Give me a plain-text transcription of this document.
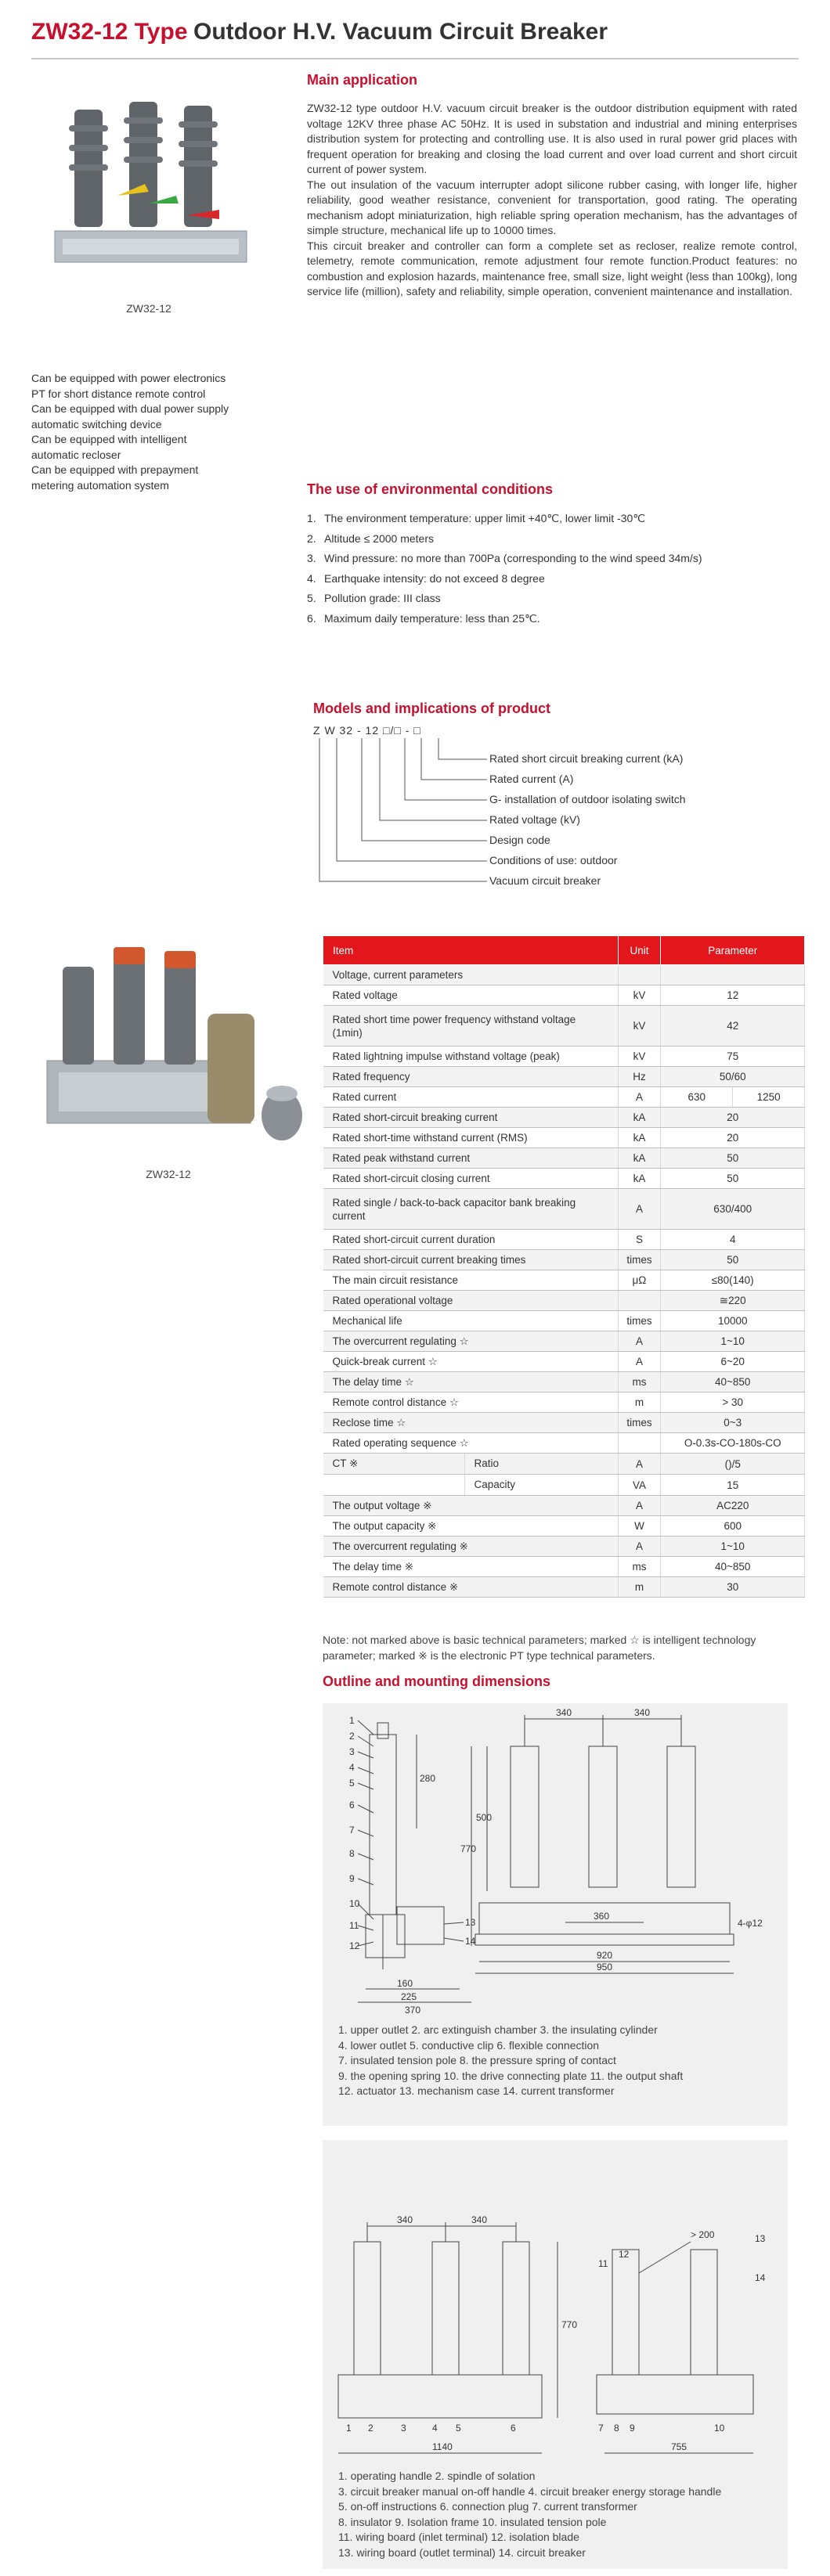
ZW32-12 Type Outdoor H.V. Vacuum Circuit Breaker
ZW32-12
Can be equipped with power electronics
PT for short distance remote control
Can be equipped with dual power supply
automatic switching device
Can be equipped with intelligent
automatic recloser
Can be equipped with prepayment
metering automation system
Main application

ZW32-12 type outdoor H.V. vacuum circuit breaker is the outdoor distribution equipment with rated voltage 12KV three phase AC 50Hz. It is used in substation and industrial and mining enterprises distribution system for protecting and controlling use. It is also used in rural power grid places with frequent operation for breaking and closing the load current and over load current and short circuit current of power system.

The out insulation of the vacuum interrupter adopt silicone rubber casing, with longer life, higher reliability, good weather resistance, convenient for transportation, good rating. The operating mechanism adopt miniaturization, high reliable spring operation mechanism, has the advantages of simple structure, mechanical life up to 10000 times.

This circuit breaker and controller can form a complete set as recloser, realize remote control, telemetry, remote communication, remote adjustment four remote function.Product features: no combustion and explosion hazards, maintenance free, small size, light weight (less than 100kg), long service life (million), safety and reliability, simple operation, convenient maintenance and installation.

The use of environmental conditions
1. The environment temperature: upper limit +40℃, lower limit -30℃
2. Altitude ≤ 2000 meters
3. Wind pressure: no more than 700Pa (corresponding to the wind speed 34m/s)
4. Earthquake intensity: do not exceed 8 degree
5. Pollution grade: III class
6. Maximum daily temperature: less than 25℃.
Models and implications of product
Z W 32 - 12 □/□ - □
Rated short circuit breaking current (kA)
Rated current (A)
G- installation of outdoor isolating switch
Rated voltage (kV)
Design code
Conditions of use: outdoor
Vacuum circuit breaker
ZW32-12
Item	Unit	Parameter	
Voltage, current parameters			
Rated voltage	kV	12	
Rated short time power frequency withstand voltage (1min)	kV	42	
Rated lightning impulse withstand voltage (peak)	kV	75	
Rated frequency	Hz	50/60	
Rated current	A	630	1250
Rated short-circuit breaking current	kA	20	
Rated short-time withstand current (RMS)	kA	20	
Rated peak withstand current	kA	50	
Rated short-circuit closing current	kA	50	
Rated single / back-to-back capacitor bank breaking current	A	630/400	
Rated short-circuit current duration	S	4	
Rated short-circuit current breaking times	times	50	
The main circuit resistance	μΩ	≤80(140)	
Rated operational voltage		≅220	
Mechanical life	times	10000	
The overcurrent regulating ☆	A	1~10	
Quick-break current ☆	A	6~20	
The delay time ☆	ms	40~850	
Remote control distance ☆	m	> 30	
Reclose time ☆	times	0~3	
Rated operating sequence ☆		O-0.3s-CO-180s-CO	

CT ※ Ratio	A	()/5	

Capacity	VA	15	
The output voltage ※	A	AC220	
The output capacity ※	W	600	
The overcurrent regulating ※	A	1~10	
The delay time ※	ms	40~850	
Remote control distance ※	m	30	
Note: not marked above is basic technical parameters; marked ☆ is intelligent technology parameter; marked ※ is the electronic PT type technical parameters.
Outline and mounting dimensions
1
2
3
4
5
6
7
8
9
10
11
12
13
14
340	340
280
500
770
360
4-φ12
920
950
160
225
370
1. upper outlet 2. arc extinguish chamber 3. the insulating cylinder
4. lower outlet 5. conductive clip 6. flexible connection
7. insulated tension pole 8. the pressure spring of contact
9. the opening spring 10. the drive connecting plate 11. the output shaft
12. actuator 13. mechanism case 14. current transformer
340	340
770
> 200
1140	755
1 2	3	4 5	6	7 8 9	10
11
12
13
14
1. operating handle 2. spindle of solation
3. circuit breaker manual on-off handle 4. circuit breaker energy storage handle
5. on-off instructions 6. connection plug 7. current transformer
8. insulator 9. Isolation frame 10. insulated tension pole
11. wiring board (inlet terminal) 12. isolation blade
13. wiring board (outlet terminal) 14. circuit breaker
